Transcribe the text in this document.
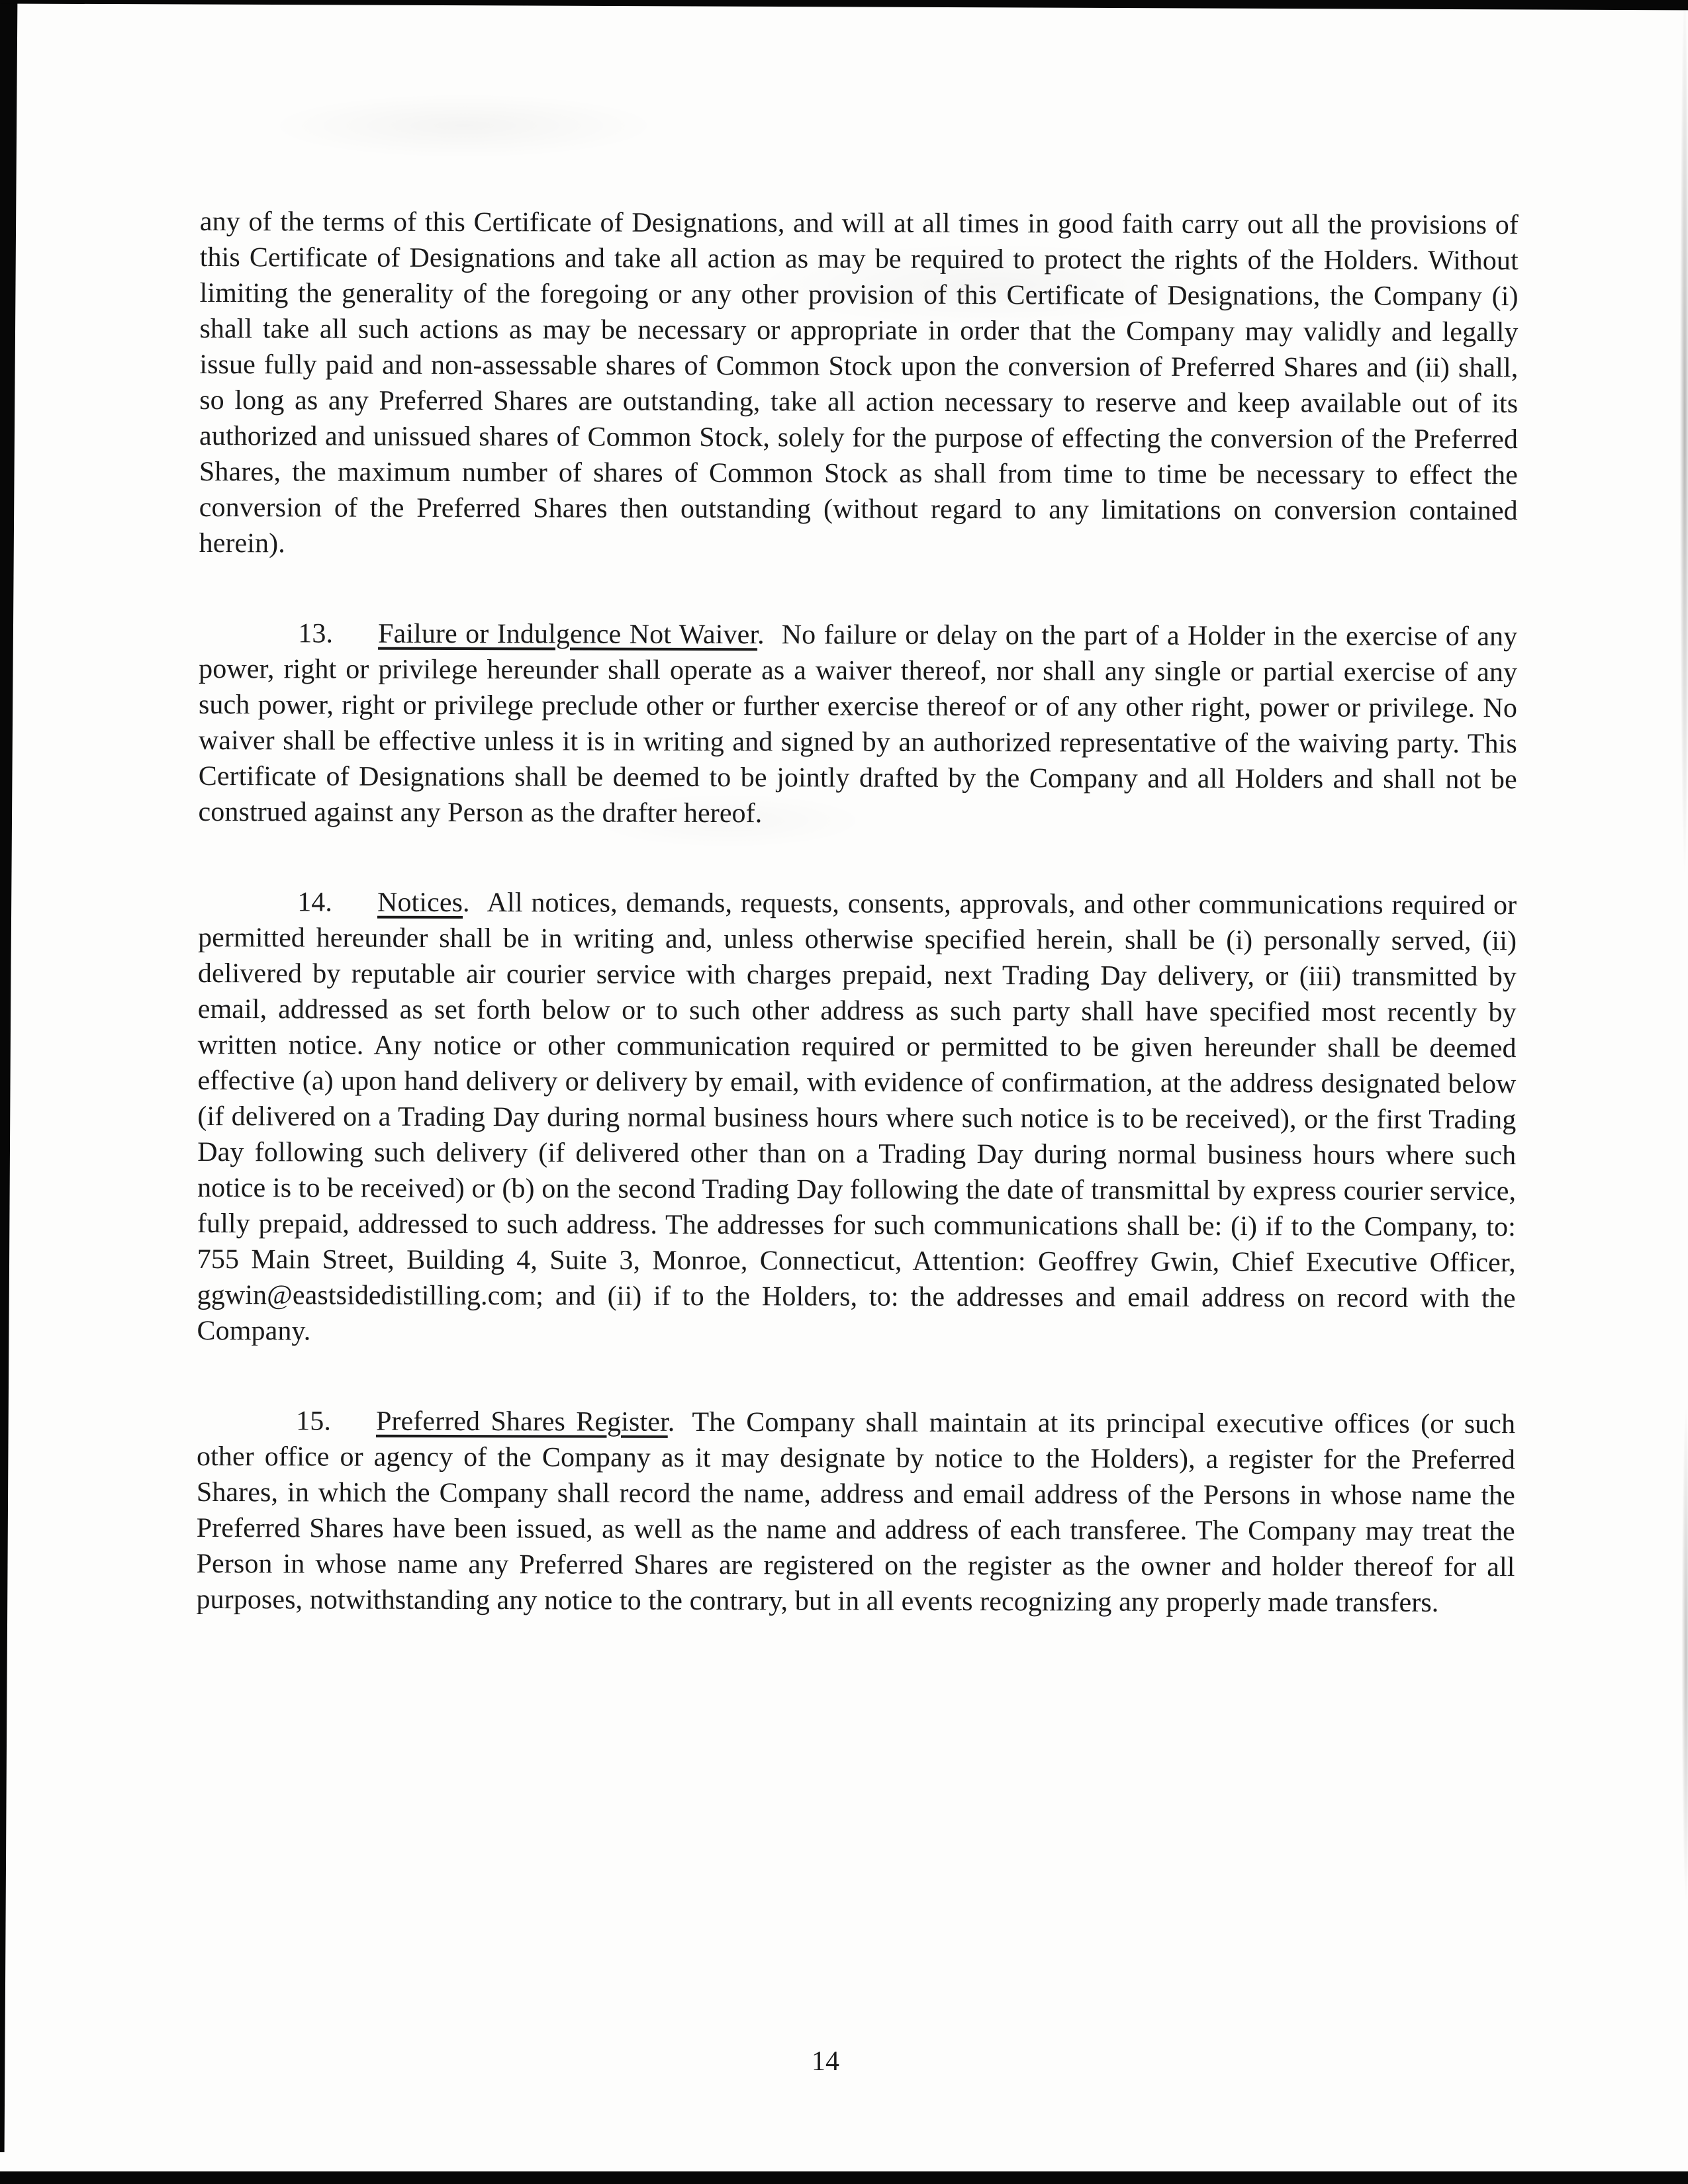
any of the terms of this Certificate of Designations, and will at all times in good faith carry out all the provisions of this Certificate of Designations and take all action as may be required to protect the rights of the Holders. Without limiting the generality of the foregoing or any other provision of this Certificate of Designations, the Company (i) shall take all such actions as may be necessary or appropriate in order that the Company may validly and legally issue fully paid and non-assessable shares of Common Stock upon the conversion of Preferred Shares and (ii) shall, so long as any Preferred Shares are outstanding, take all action necessary to reserve and keep available out of its authorized and unissued shares of Common Stock, solely for the purpose of effecting the conversion of the Preferred Shares, the maximum number of shares of Common Stock as shall from time to time be necessary to effect the conversion of the Preferred Shares then outstanding (without regard to any limitations on conversion contained herein).

13. Failure or Indulgence Not Waiver. No failure or delay on the part of a Holder in the exercise of any power, right or privilege hereunder shall operate as a waiver thereof, nor shall any single or partial exercise of any such power, right or privilege preclude other or further exercise thereof or of any other right, power or privilege. No waiver shall be effective unless it is in writing and signed by an authorized representative of the waiving party. This Certificate of Designations shall be deemed to be jointly drafted by the Company and all Holders and shall not be construed against any Person as the drafter hereof.

14. Notices. All notices, demands, requests, consents, approvals, and other communications required or permitted hereunder shall be in writing and, unless otherwise specified herein, shall be (i) personally served, (ii) delivered by reputable air courier service with charges prepaid, next Trading Day delivery, or (iii) transmitted by email, addressed as set forth below or to such other address as such party shall have specified most recently by written notice. Any notice or other communication required or permitted to be given hereunder shall be deemed effective (a) upon hand delivery or delivery by email, with evidence of confirmation, at the address designated below (if delivered on a Trading Day during normal business hours where such notice is to be received), or the first Trading Day following such delivery (if delivered other than on a Trading Day during normal business hours where such notice is to be received) or (b) on the second Trading Day following the date of transmittal by express courier service, fully prepaid, addressed to such address. The addresses for such communications shall be: (i) if to the Company, to: 755 Main Street, Building 4, Suite 3, Monroe, Connecticut, Attention: Geoffrey Gwin, Chief Executive Officer, ggwin@eastsidedistilling.com; and (ii) if to the Holders, to: the addresses and email address on record with the Company.

15. Preferred Shares Register. The Company shall maintain at its principal executive offices (or such other office or agency of the Company as it may designate by notice to the Holders), a register for the Preferred Shares, in which the Company shall record the name, address and email address of the Persons in whose name the Preferred Shares have been issued, as well as the name and address of each transferee. The Company may treat the Person in whose name any Preferred Shares are registered on the register as the owner and holder thereof for all purposes, notwithstanding any notice to the contrary, but in all events recognizing any properly made transfers.

14
